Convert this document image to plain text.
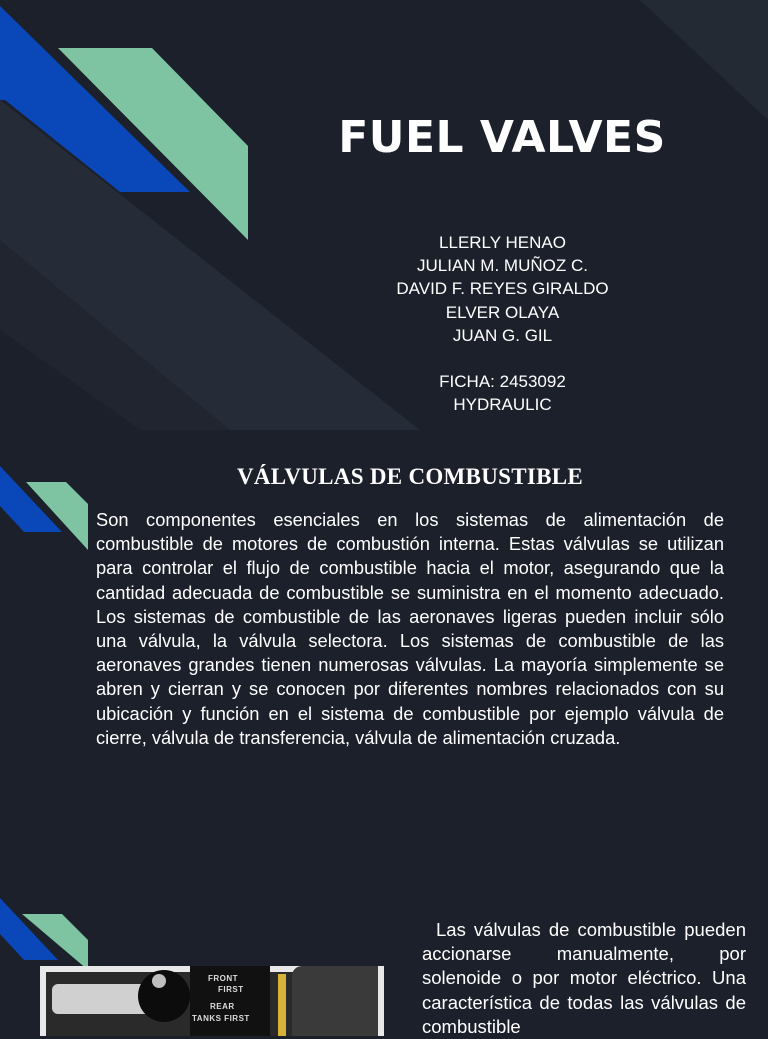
FUEL VALVES
LLERLY HENAO
JULIAN M. MUÑOZ C.
DAVID F. REYES GIRALDO
ELVER OLAYA
JUAN G. GIL
FICHA: 2453092
HYDRAULIC
VÁLVULAS DE COMBUSTIBLE

Son componentes esenciales en los sistemas de alimentación de combustible de motores de combustión interna. Estas válvulas se utilizan para controlar el flujo de combustible hacia el motor, asegurando que la cantidad adecuada de combustible se suministra en el momento adecuado. Los sistemas de combustible de las aeronaves ligeras pueden incluir sólo una válvula, la válvula selectora. Los sistemas de combustible de las aeronaves grandes tienen numerosas válvulas. La mayoría simplemente se abren y cierran y se conocen por diferentes nombres relacionados con su ubicación y función en el sistema de combustible por ejemplo válvula de cierre, válvula de transferencia, válvula de alimentación cruzada.

FRONT
FIRST
REAR
TANKS FIRST

Las válvulas de combustible pueden accionarse manualmente, por solenoide o por motor eléctrico. Una característica de todas las válvulas de combustible
